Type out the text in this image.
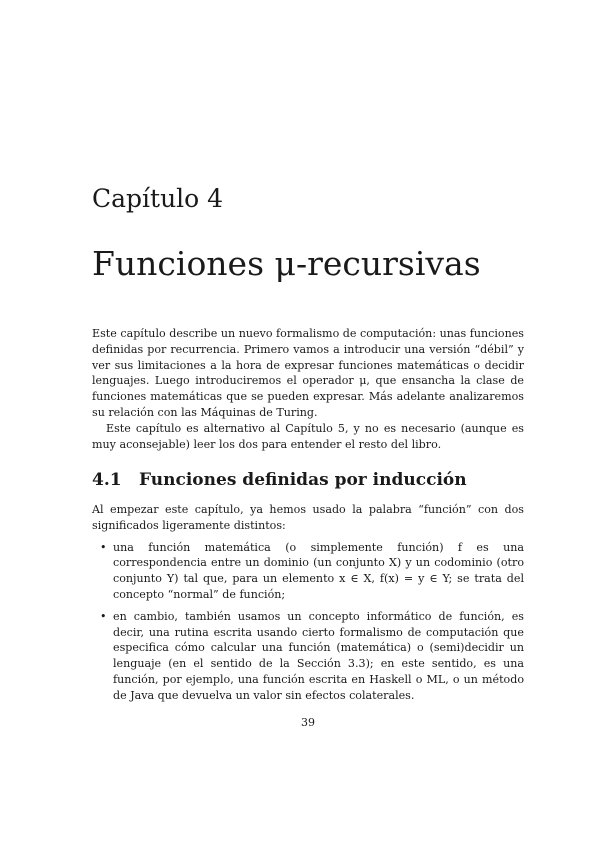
Capítulo 4
Funciones μ-recursivas

Este capítulo describe un nuevo formalismo de computación: unas funciones definidas por recurrencia. Primero vamos a introducir una versión “débil” y ver sus limitaciones a la hora de expresar funciones matemáticas o decidir lenguajes. Luego introduciremos el operador μ, que ensancha la clase de funciones matemáticas que se pueden expresar. Más adelante analizaremos su relación con las Máquinas de Turing.

Este capítulo es alternativo al Capítulo 5, y no es necesario (aunque es muy aconsejable) leer los dos para entender el resto del libro.

4.1 Funciones definidas por inducción

Al empezar este capítulo, ya hemos usado la palabra “función” con dos significados ligeramente distintos:

• una función matemática (o simplemente función) f es una correspondencia entre un dominio (un conjunto X) y un codominio (otro conjunto Y) tal que, para un elemento x ∈ X, f(x) = y ∈ Y; se trata del concepto “normal” de función;

• en cambio, también usamos un concepto informático de función, es decir, una rutina escrita usando cierto formalismo de computación que especifica cómo calcular una función (matemática) o (semi)decidir un lenguaje (en el sentido de la Sección 3.3); en este sentido, es una función, por ejemplo, una función escrita en Haskell o ML, o un método de Java que devuelva un valor sin efectos colaterales.

39
